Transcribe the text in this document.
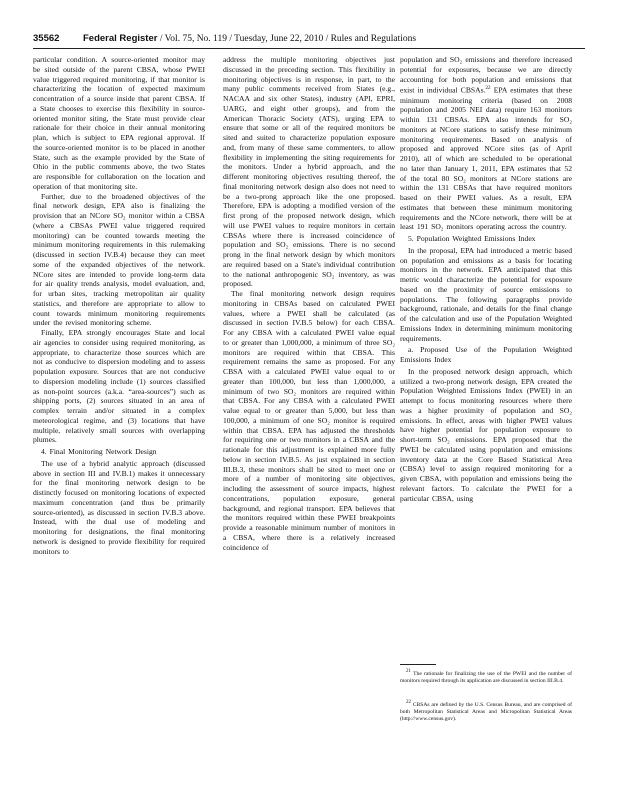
35562 Federal Register / Vol. 75, No. 119 / Tuesday, June 22, 2010 / Rules and Regulations

particular condition. A source-oriented monitor may be sited outside of the parent CBSA, whose PWEI value triggered required monitoring, if that monitor is characterizing the location of expected maximum concentration of a source inside that parent CBSA. If a State chooses to exercise this flexibility in source-oriented monitor siting, the State must provide clear rationale for their choice in their annual monitoring plan, which is subject to EPA regional approval. If the source-oriented monitor is to be placed in another State, such as the example provided by the State of Ohio in the public comments above, the two States are responsible for collaboration on the location and operation of that monitoring site.

Further, due to the broadened objectives of the final network design, EPA also is finalizing the provision that an NCore SO₂ monitor within a CBSA (where a CBSAs PWEI value triggered required monitoring) can be counted towards meeting the minimum monitoring requirements in this rulemaking (discussed in section IV.B.4) because they can meet some of the expanded objectives of the network. NCore sites are intended to provide long-term data for air quality trends analysis, model evaluation, and, for urban sites, tracking metropolitan air quality statistics, and therefore are appropriate to allow to count towards minimum monitoring requirements under the revised monitoring scheme.

Finally, EPA strongly encourages State and local air agencies to consider using required monitoring, as appropriate, to characterize those sources which are not as conducive to dispersion modeling and to assess population exposure. Sources that are not conducive to dispersion modeling include (1) sources classified as non-point sources (a.k.a. “area-sources”) such as shipping ports, (2) sources situated in an area of complex terrain and/or situated in a complex meteorological regime, and (3) locations that have multiple, relatively small sources with overlapping plumes.

4. Final Monitoring Network Design

The use of a hybrid analytic approach (discussed above in section III and IV.B.1) makes it unnecessary for the final monitoring network design to be distinctly focused on monitoring locations of expected maximum concentration (and thus be primarily source-oriented), as discussed in section IV.B.3 above. Instead, with the dual use of modeling and monitoring for designations, the final monitoring network is designed to provide flexibility for required monitors to

address the multiple monitoring objectives just discussed in the preceding section. This flexibility in monitoring objectives is in response, in part, to the many public comments received from States (e.g., NACAA and six other States), industry (API, EPRI, UARG, and eight other groups), and from the American Thoracic Society (ATS), urging EPA to ensure that some or all of the required monitors be sited and suited to characterize population exposure and, from many of these same commenters, to allow flexibility in implementing the siting requirements for the monitors. Under a hybrid approach, and the different monitoring objectives resulting thereof, the final monitoring network design also does not need to be a two-prong approach like the one proposed. Therefore, EPA is adopting a modified version of the first prong of the proposed network design, which will use PWEI values to require monitors in certain CBSAs where there is increased coincidence of population and SO₂ emissions. There is no second prong in the final network design by which monitors are required based on a State's individual contribution to the national anthropogenic SO₂ inventory, as was proposed.

The final monitoring network design requires monitoring in CBSAs based on calculated PWEI values, where a PWEI shall be calculated (as discussed in section IV.B.5 below) for each CBSA. For any CBSA with a calculated PWEI value equal to or greater than 1,000,000, a minimum of three SO₂ monitors are required within that CBSA. This requirement remains the same as proposed. For any CBSA with a calculated PWEI value equal to or greater than 100,000, but less than 1,000,000, a minimum of two SO₂ monitors are required within that CBSA. For any CBSA with a calculated PWEI value equal to or greater than 5,000, but less than 100,000, a minimum of one SO₂ monitor is required within that CBSA. EPA has adjusted the thresholds for requiring one or two monitors in a CBSA and the rationale for this adjustment is explained more fully below in section IV.B.5. As just explained in section III.B.3, these monitors shall be sited to meet one or more of a number of monitoring site objectives, including the assessment of source impacts, highest concentrations, population exposure, general background, and regional transport. EPA believes that the monitors required within these PWEI breakpoints provide a reasonable minimum number of monitors in a CBSA, where there is a relatively increased coincidence of

population and SO₂ emissions and therefore increased potential for exposures, because we are directly accounting for both population and emissions that exist in individual CBSAs.$^{22}$ EPA estimates that these minimum monitoring criteria (based on 2008 population and 2005 NEI data) require 163 monitors within 131 CBSAs. EPA also intends for SO₂ monitors at NCore stations to satisfy these minimum monitoring requirements. Based on analysis of proposed and approved NCore sites (as of April 2010), all of which are scheduled to be operational no later than January 1, 2011, EPA estimates that 52 of the total 80 SO₂ monitors at NCore stations are within the 131 CBSAs that have required monitors based on their PWEI values. As a result, EPA estimates that between these minimum monitoring requirements and the NCore network, there will be at least 191 SO₂ monitors operating across the country.

5. Population Weighted Emissions Index

In the proposal, EPA had introduced a metric based on population and emissions as a basis for locating monitors in the network. EPA anticipated that this metric would characterize the potential for exposure based on the proximity of source emissions to populations. The following paragraphs provide background, rationale, and details for the final change of the calculation and use of the Population Weighted Emissions Index in determining minimum monitoring requirements.

a. Proposed Use of the Population Weighted Emissions Index

In the proposed network design approach, which utilized a two-prong network design, EPA created the Population Weighted Emissions Index (PWEI) in an attempt to focus monitoring resources where there was a higher proximity of population and SO₂ emissions. In effect, areas with higher PWEI values have higher potential for population exposure to short-term SO₂ emissions. EPA proposed that the PWEI be calculated using population and emissions inventory data at the Core Based Statistical Area (CBSA) level to assign required monitoring for a given CBSA, with population and emissions being the relevant factors. To calculate the PWEI for a particular CBSA, using

$^{21}$ The rationale for finalizing the use of the PWEI and the number of monitors required through its application are discussed in section III.B.4.

$^{22}$ CBSAs are defined by the U.S. Census Bureau, and are comprised of both Metropolitan Statistical Areas and Micropolitan Statistical Areas (http://www.census.gov).
